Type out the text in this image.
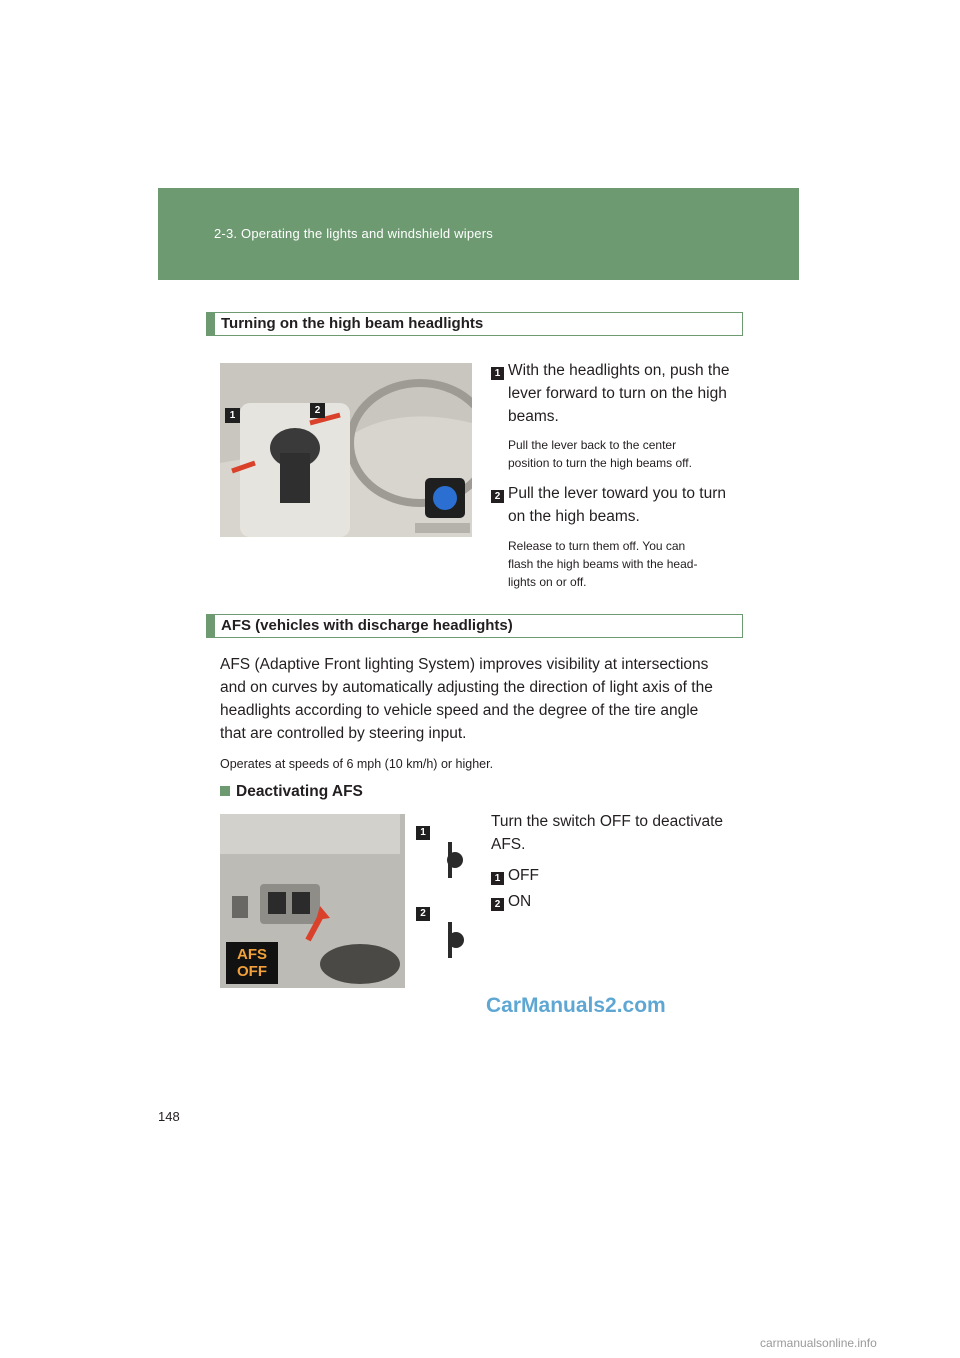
2-3. Operating the lights and windshield wipers
Turning on the high beam headlights
1	2
1 With the headlights on, push the
lever forward to turn on the high
beams.
Pull the lever back to the center
position to turn the high beams off.
2 Pull the lever toward you to turn
on the high beams.
Release to turn them off. You can
flash the high beams with the head-
lights on or off.
AFS (vehicles with discharge headlights)
AFS (Adaptive Front lighting System) improves visibility at intersections
and on curves by automatically adjusting the direction of light axis of the
headlights according to vehicle speed and the degree of the tire angle
that are controlled by steering input.
Operates at speeds of 6 mph (10 km/h) or higher.
Deactivating AFS
AFS
OFF
1
2
Turn the switch OFF to deactivate
AFS.
1 OFF
2 ON
CarManuals2.com
148
carmanualsonline.info
